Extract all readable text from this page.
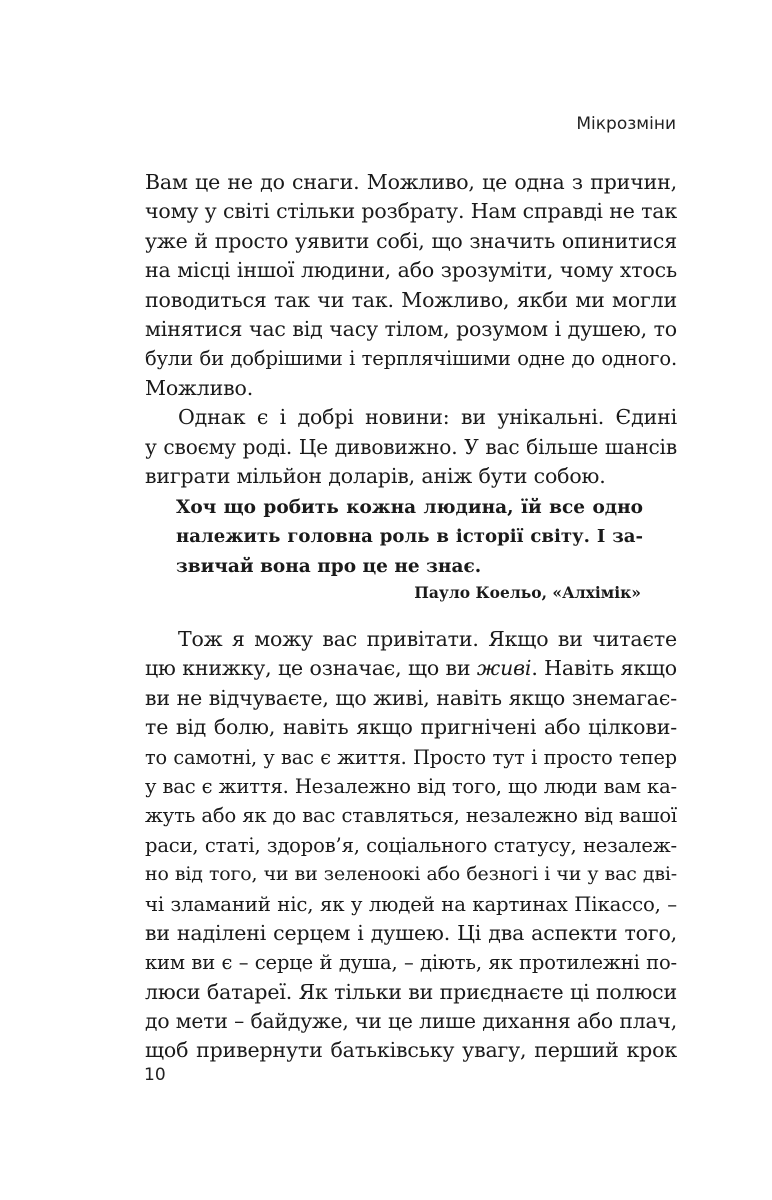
Мікрозміни
Вам це не до снаги. Можливо, це одна з причин,
чому у світі стільки розбрату. Нам справді не так
уже й просто уявити собі, що значить опинитися
на місці іншої людини, або зрозуміти, чому хтось
поводиться так чи так. Можливо, якби ми могли
мінятися час від часу тілом, розумом і душею, то
були би добрішими і терплячішими одне до одного.
Можливо.
Однак є і добрі новини: ви унікальні. Єдині
у своєму роді. Це дивовижно. У вас більше шансів
виграти мільйон доларів, аніж бути собою.
Хоч що робить кожна людина, їй все одно
належить головна роль в історії світу. І за-
звичай вона про це не знає.
Пауло Коельо, «Алхімік»
Тож я можу вас привітати. Якщо ви читаєте
цю книжку, це означає, що ви живі. Навіть якщо
ви не відчуваєте, що живі, навіть якщо знемагає-
те від болю, навіть якщо пригнічені або цілкови-
то самотні, у вас є життя. Просто тут і просто тепер
у вас є життя. Незалежно від того, що люди вам ка-
жуть або як до вас ставляться, незалежно від вашої
раси, статі, здоров’я, соціального статусу, незалеж-
но від того, чи ви зеленоокі або безногі і чи у вас дві-
чі зламаний ніс, як у людей на картинах Пікассо, –
ви наділені серцем і душею. Ці два аспекти того,
ким ви є – серце й душа, – діють, як протилежні по-
люси батареї. Як тільки ви приєднаєте ці полюси
до мети – байдуже, чи це лише дихання або плач,
щоб привернути батьківську увагу, перший крок
10
